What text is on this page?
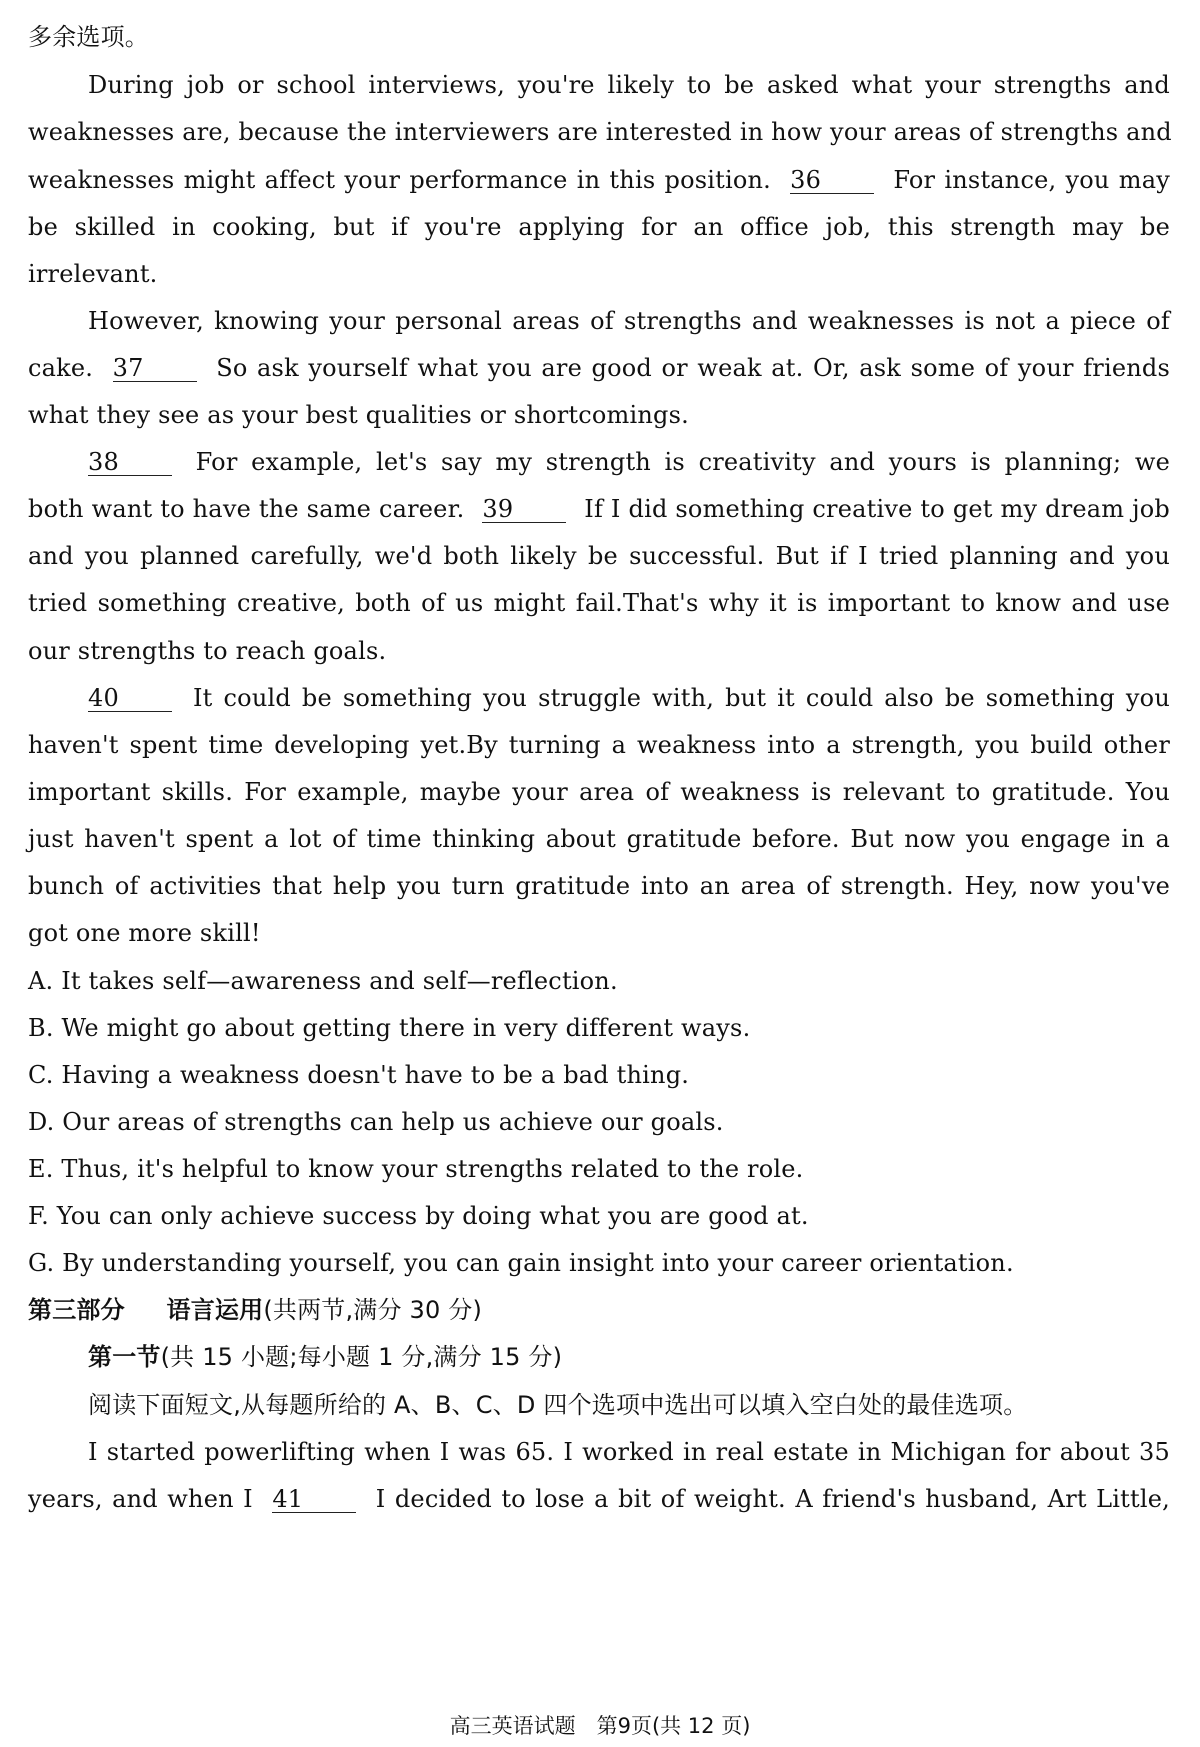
多余选项。
During job or school interviews, you're likely to be asked what your strengths and
weaknesses are, because the interviewers are interested in how your areas of strengths and
weaknesses might affect your performance in this position. 36	For instance, you may
be skilled in cooking, but if you're applying for an office job, this strength may be
irrelevant.
However, knowing your personal areas of strengths and weaknesses is not a piece of
cake. 37	So ask yourself what you are good or weak at. Or, ask some of your friends
what they see as your best qualities or shortcomings.
38	For example, let's say my strength is creativity and yours is planning; we
both want to have the same career. 39	If I did something creative to get my dream job
and you planned carefully, we'd both likely be successful. But if I tried planning and you
tried something creative, both of us might fail.That's why it is important to know and use
our strengths to reach goals.
40	It could be something you struggle with, but it could also be something you
haven't spent time developing yet.By turning a weakness into a strength, you build other
important skills. For example, maybe your area of weakness is relevant to gratitude. You
just haven't spent a lot of time thinking about gratitude before. But now you engage in a
bunch of activities that help you turn gratitude into an area of strength. Hey, now you've
got one more skill!
A. It takes self—awareness and self—reflection.
B. We might go about getting there in very different ways.
C. Having a weakness doesn't have to be a bad thing.
D. Our areas of strengths can help us achieve our goals.
E. Thus, it's helpful to know your strengths related to the role.
F. You can only achieve success by doing what you are good at.
G. By understanding yourself, you can gain insight into your career orientation.
第三部分 语言运用(共两节,满分 30 分)
第一节(共 15 小题;每小题 1 分,满分 15 分)
阅读下面短文,从每题所给的 A、B、C、D 四个选项中选出可以填入空白处的最佳选项。
I started powerlifting when I was 65. I worked in real estate in Michigan for about 35
years, and when I 41	I decided to lose a bit of weight. A friend's husband, Art Little,
高三英语试题　第9页(共 12 页)
